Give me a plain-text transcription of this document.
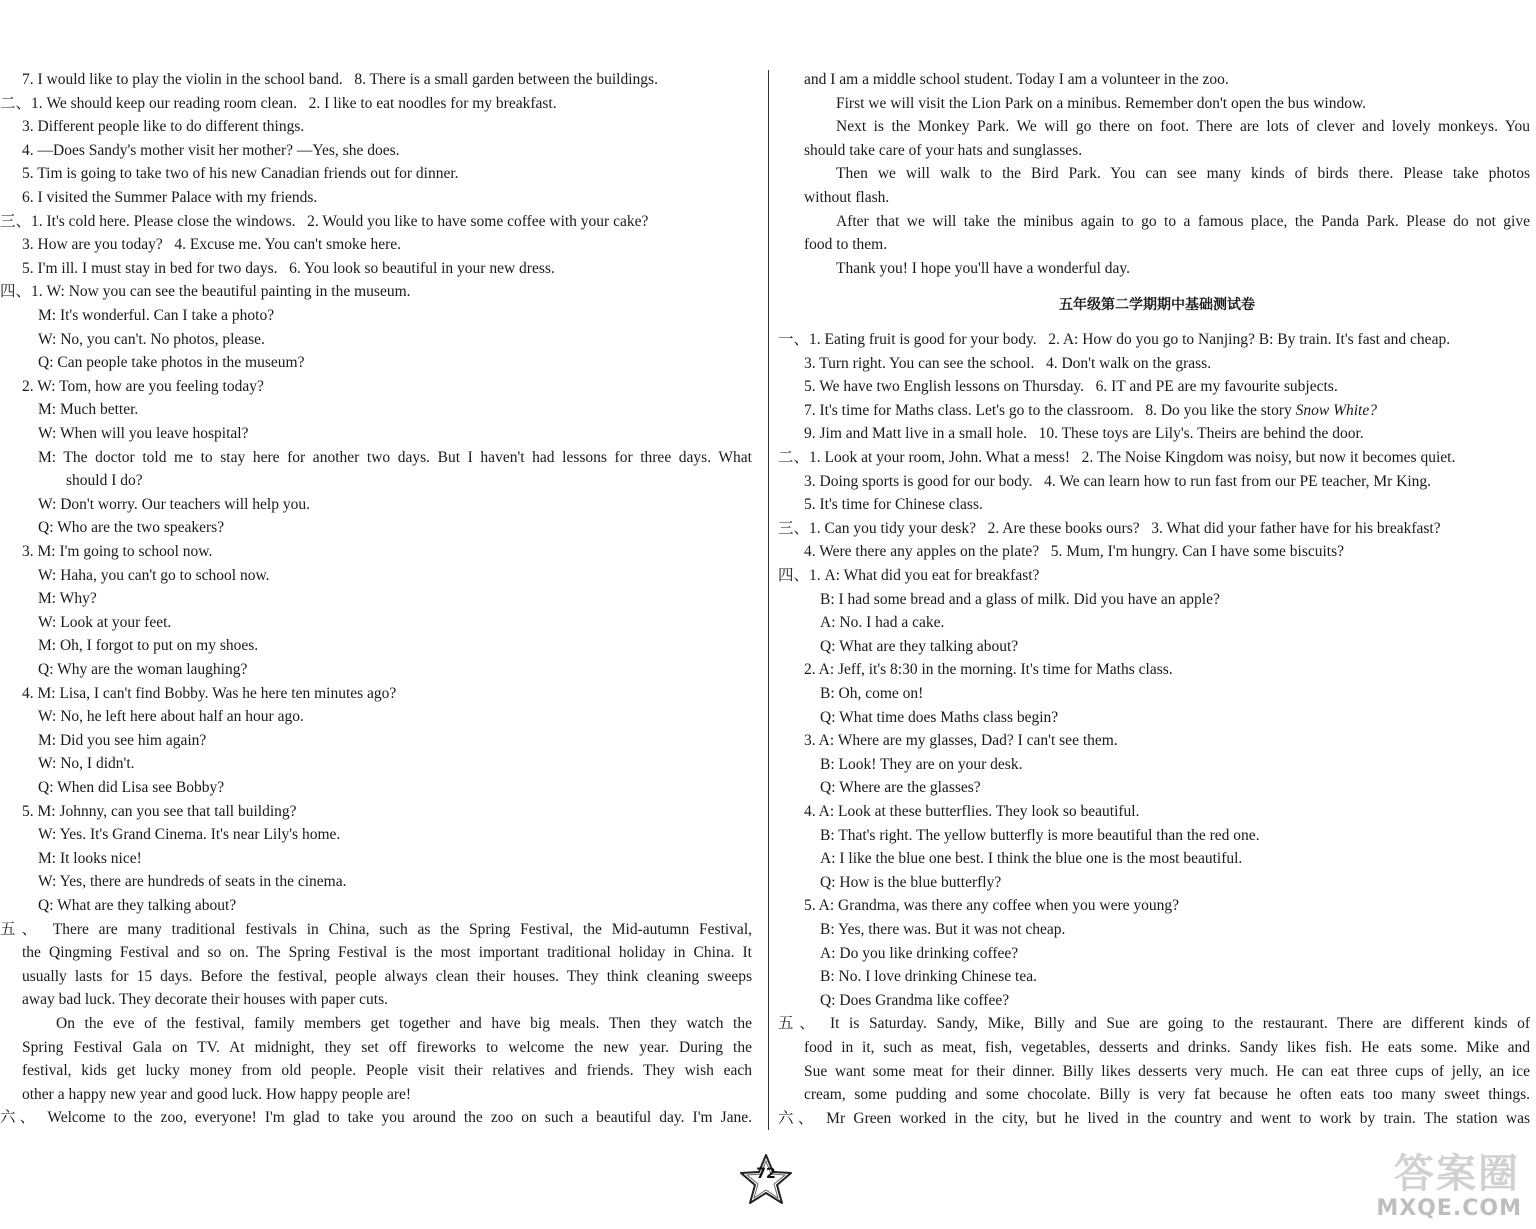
7. I would like to play the violin in the school band.   8. There is a small garden between the buildings.
二、1. We should keep our reading room clean.   2. I like to eat noodles for my breakfast.
3. Different people like to do different things.
4. —Does Sandy's mother visit her mother? —Yes, she does.
5. Tim is going to take two of his new Canadian friends out for dinner.
6. I visited the Summer Palace with my friends.
三、1. It's cold here. Please close the windows.   2. Would you like to have some coffee with your cake?
3. How are you today?   4. Excuse me. You can't smoke here.
5. I'm ill. I must stay in bed for two days.   6. You look so beautiful in your new dress.
四、1. W: Now you can see the beautiful painting in the museum.
M: It's wonderful. Can I take a photo?
W: No, you can't. No photos, please.
Q: Can people take photos in the museum?
2. W: Tom, how are you feeling today?
M: Much better.
W: When will you leave hospital?
M: The doctor told me to stay here for another two days. But I haven't had lessons for three days. What
should I do?
W: Don't worry. Our teachers will help you.
Q: Who are the two speakers?
3. M: I'm going to school now.
W: Haha, you can't go to school now.
M: Why?
W: Look at your feet.
M: Oh, I forgot to put on my shoes.
Q: Why are the woman laughing?
4. M: Lisa, I can't find Bobby. Was he here ten minutes ago?
W: No, he left here about half an hour ago.
M: Did you see him again?
W: No, I didn't.
Q: When did Lisa see Bobby?
5. M: Johnny, can you see that tall building?
W: Yes. It's Grand Cinema. It's near Lily's home.
M: It looks nice!
W: Yes, there are hundreds of seats in the cinema.
Q: What are they talking about?
五、 There are many traditional festivals in China, such as the Spring Festival, the Mid-autumn Festival,
the Qingming Festival and so on. The Spring Festival is the most important traditional holiday in China. It
usually lasts for 15 days. Before the festival, people always clean their houses. They think cleaning sweeps
away bad luck. They decorate their houses with paper cuts.
On the eve of the festival, family members get together and have big meals. Then they watch the
Spring Festival Gala on TV. At midnight, they set off fireworks to welcome the new year. During the
festival, kids get lucky money from old people. People visit their relatives and friends. They wish each
other a happy new year and good luck. How happy people are!
六、 Welcome to the zoo, everyone! I'm glad to take you around the zoo on such a beautiful day. I'm Jane.
and I am a middle school student. Today I am a volunteer in the zoo.
First we will visit the Lion Park on a minibus. Remember don't open the bus window.
Next is the Monkey Park. We will go there on foot. There are lots of clever and lovely monkeys. You
should take care of your hats and sunglasses.
Then we will walk to the Bird Park. You can see many kinds of birds there. Please take photos
without flash.
After that we will take the minibus again to go to a famous place, the Panda Park. Please do not give
food to them.
Thank you! I hope you'll have a wonderful day.
五年级第二学期期中基础测试卷
一、1. Eating fruit is good for your body.   2. A: How do you go to Nanjing? B: By train. It's fast and cheap.
3. Turn right. You can see the school.   4. Don't walk on the grass.
5. We have two English lessons on Thursday.   6. IT and PE are my favourite subjects.
7. It's time for Maths class. Let's go to the classroom.   8. Do you like the story Snow White?
9. Jim and Matt live in a small hole.   10. These toys are Lily's. Theirs are behind the door.
二、1. Look at your room, John. What a mess!   2. The Noise Kingdom was noisy, but now it becomes quiet.
3. Doing sports is good for our body.   4. We can learn how to run fast from our PE teacher, Mr King.
5. It's time for Chinese class.
三、1. Can you tidy your desk?   2. Are these books ours?   3. What did your father have for his breakfast?
4. Were there any apples on the plate?   5. Mum, I'm hungry. Can I have some biscuits?
四、1. A: What did you eat for breakfast?
B: I had some bread and a glass of milk. Did you have an apple?
A: No. I had a cake.
Q: What are they talking about?
2. A: Jeff, it's 8:30 in the morning. It's time for Maths class.
B: Oh, come on!
Q: What time does Maths class begin?
3. A: Where are my glasses, Dad? I can't see them.
B: Look! They are on your desk.
Q: Where are the glasses?
4. A: Look at these butterflies. They look so beautiful.
B: That's right. The yellow butterfly is more beautiful than the red one.
A: I like the blue one best. I think the blue one is the most beautiful.
Q: How is the blue butterfly?
5. A: Grandma, was there any coffee when you were young?
B: Yes, there was. But it was not cheap.
A: Do you like drinking coffee?
B: No. I love drinking Chinese tea.
Q: Does Grandma like coffee?
五、 It is Saturday. Sandy, Mike, Billy and Sue are going to the restaurant. There are different kinds of
food in it, such as meat, fish, vegetables, desserts and drinks. Sandy likes fish. He eats some. Mike and
Sue want some meat for their dinner. Billy likes desserts very much. He can eat three cups of jelly, an ice
cream, some pudding and some chocolate. Billy is very fat because he often eats too many sweet things.
六、 Mr Green worked in the city, but he lived in the country and went to work by train. The station was
72	答案圈
MXQE.COM
